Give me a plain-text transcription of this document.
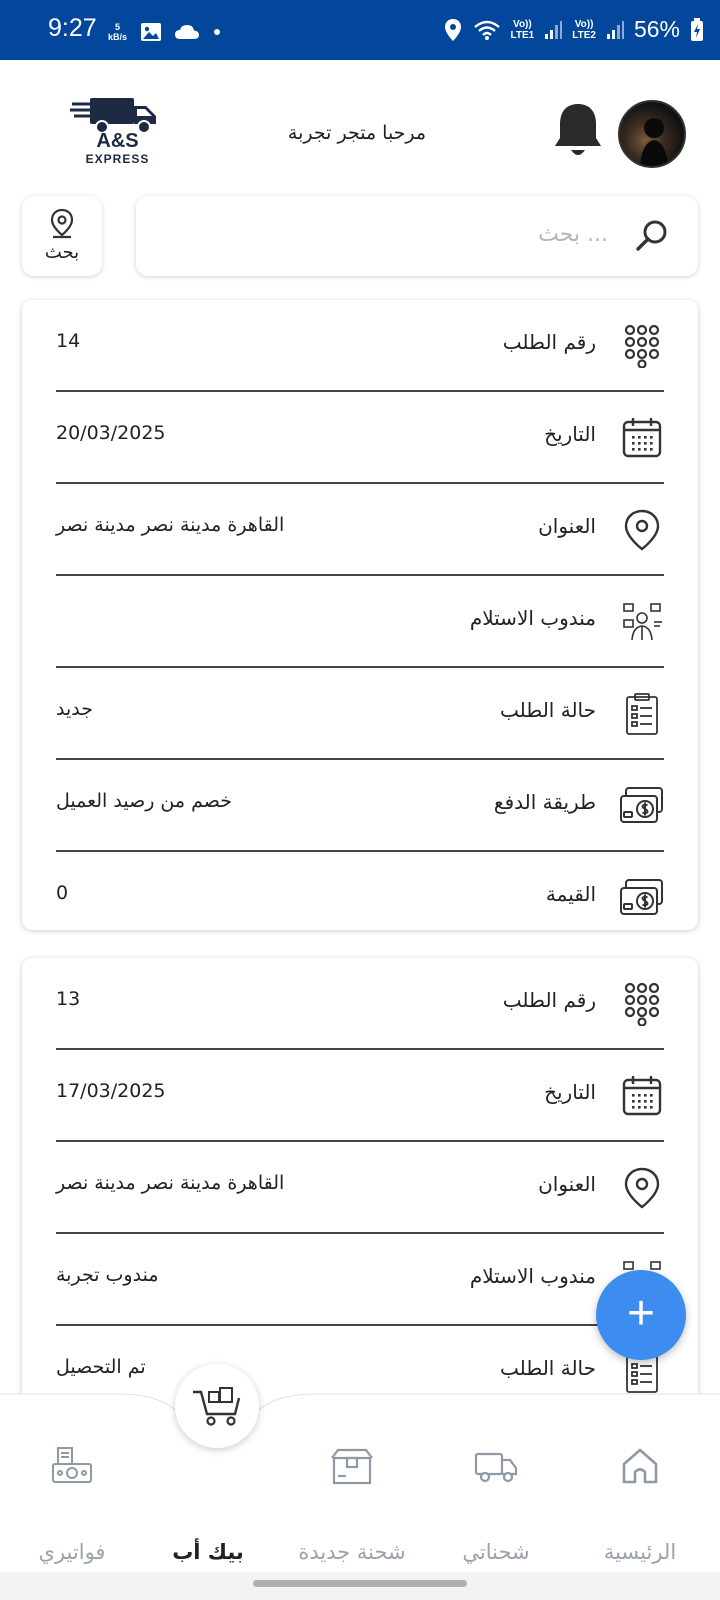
9:27	5
kB/s
Vo))
LTE1
Vo))
LTE2 56%
A&S
EXPRESS
مرحبا متجر تجربة
بحث
بحث ...
رقم الطلب
14
التاريخ
20/03/2025
العنوان
القاهرة مدينة نصر مدينة نصر
مندوب الاستلام
حالة الطلب
جديد
طريقة الدفع
خصم من رصيد العميل
القيمة
0
رقم الطلب
13
التاريخ
17/03/2025
العنوان
القاهرة مدينة نصر مدينة نصر
مندوب الاستلام
مندوب تجربة
حالة الطلب
تم التحصيل
+
الرئيسية
شحناتي
شحنة جديدة
بيك أب
فواتيري
